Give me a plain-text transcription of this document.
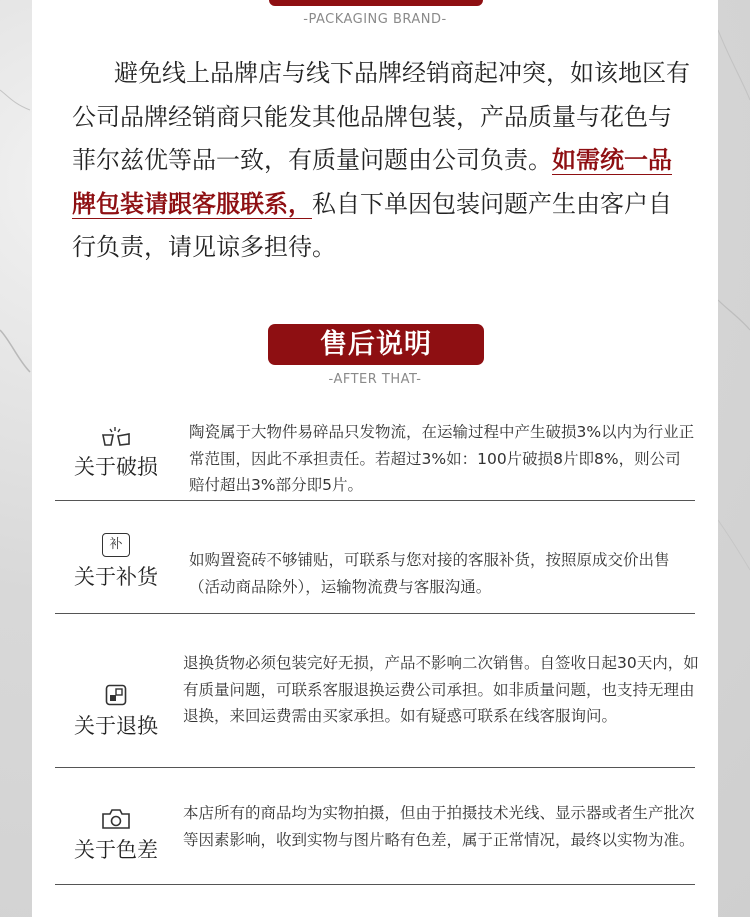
-PACKAGING BRAND-
避免线上品牌店与线下品牌经销商起冲突，如该地区有公司品牌经销商只能发其他品牌包装，产品质量与花色与菲尔兹优等品一致，有质量问题由公司负责。如需统一品牌包装请跟客服联系，私自下单因包装问题产生由客户自行负责，请见谅多担待。
售后说明
-AFTER THAT-
关于破损
陶瓷属于大物件易碎品只发物流，在运输过程中产生破损3%以内为行业正常范围，因此不承担责任。若超过3%如：100片破损8片即8%，则公司赔付超出3%部分即5片。
补
关于补货
如购置瓷砖不够铺贴，可联系与您对接的客服补货，按照原成交价出售（活动商品除外），运输物流费与客服沟通。
关于退换
退换货物必须包装完好无损，产品不影响二次销售。自签收日起30天内，如有质量问题，可联系客服退换运费公司承担。如非质量问题，也支持无理由退换，来回运费需由买家承担。如有疑惑可联系在线客服询问。
关于色差
本店所有的商品均为实物拍摄，但由于拍摄技术光线、显示器或者生产批次等因素影响，收到实物与图片略有色差，属于正常情况，最终以实物为准。
